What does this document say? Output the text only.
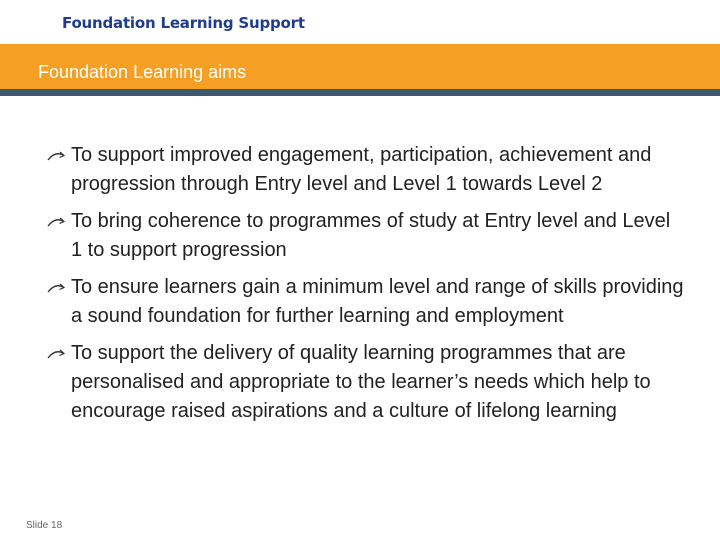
Foundation Learning Support
Foundation Learning aims
To support improved engagement, participation, achievement and progression through Entry level and Level 1 towards Level 2
To bring coherence to programmes of study at Entry level and Level 1 to support progression
To ensure learners gain a minimum level and range of skills providing a sound foundation for further learning and employment
To support the delivery of quality learning programmes that are personalised and appropriate to the learner’s needs which help to encourage raised aspirations and a culture of lifelong learning
Slide 18
